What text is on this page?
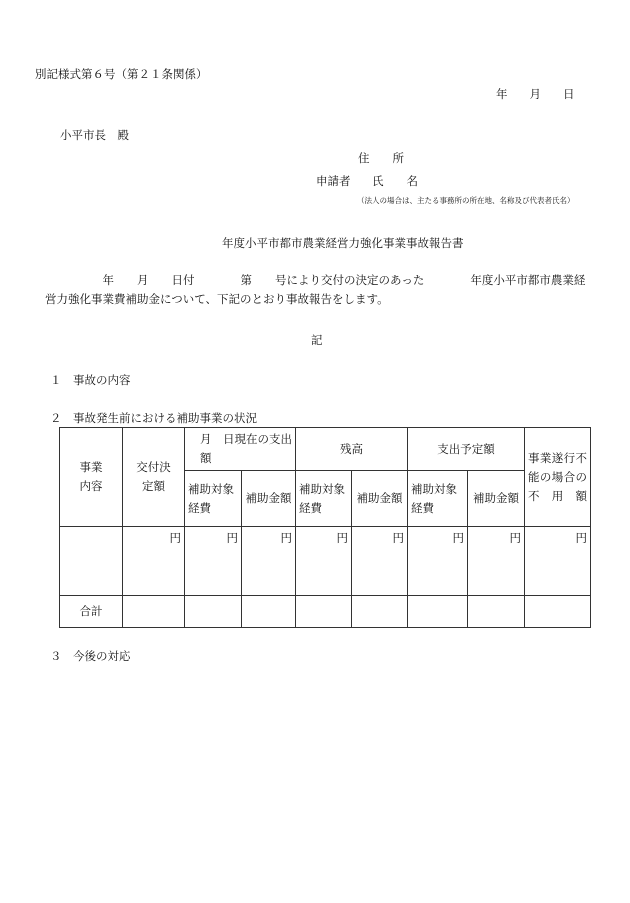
別記様式第６号（第２１条関係）
年 月 日
小平市長　殿
住　　所
申請者 氏　　名
（法人の場合は、主たる事務所の所在地、名称及び代表者氏名）
年度小平市都市農業経営力強化事業事故報告書
　　　　　年　　月　　日付　　　　第　　号により交付の決定のあった　　　　年度小平市都市農業経営力強化事業費補助金について、下記のとおり事故報告をします。
記
１　事故の内容
２　事故発生前における補助事業の状況
事業内容	交付決定額	月　日現在の支出額		残高		支出予定額		事業遂行不能の場合の不用額
		補助対象経費	補助金額	補助対象経費	補助金額	補助対象経費	補助金額	
	円	円	円	円	円	円	円	円
合計								
３　今後の対応
